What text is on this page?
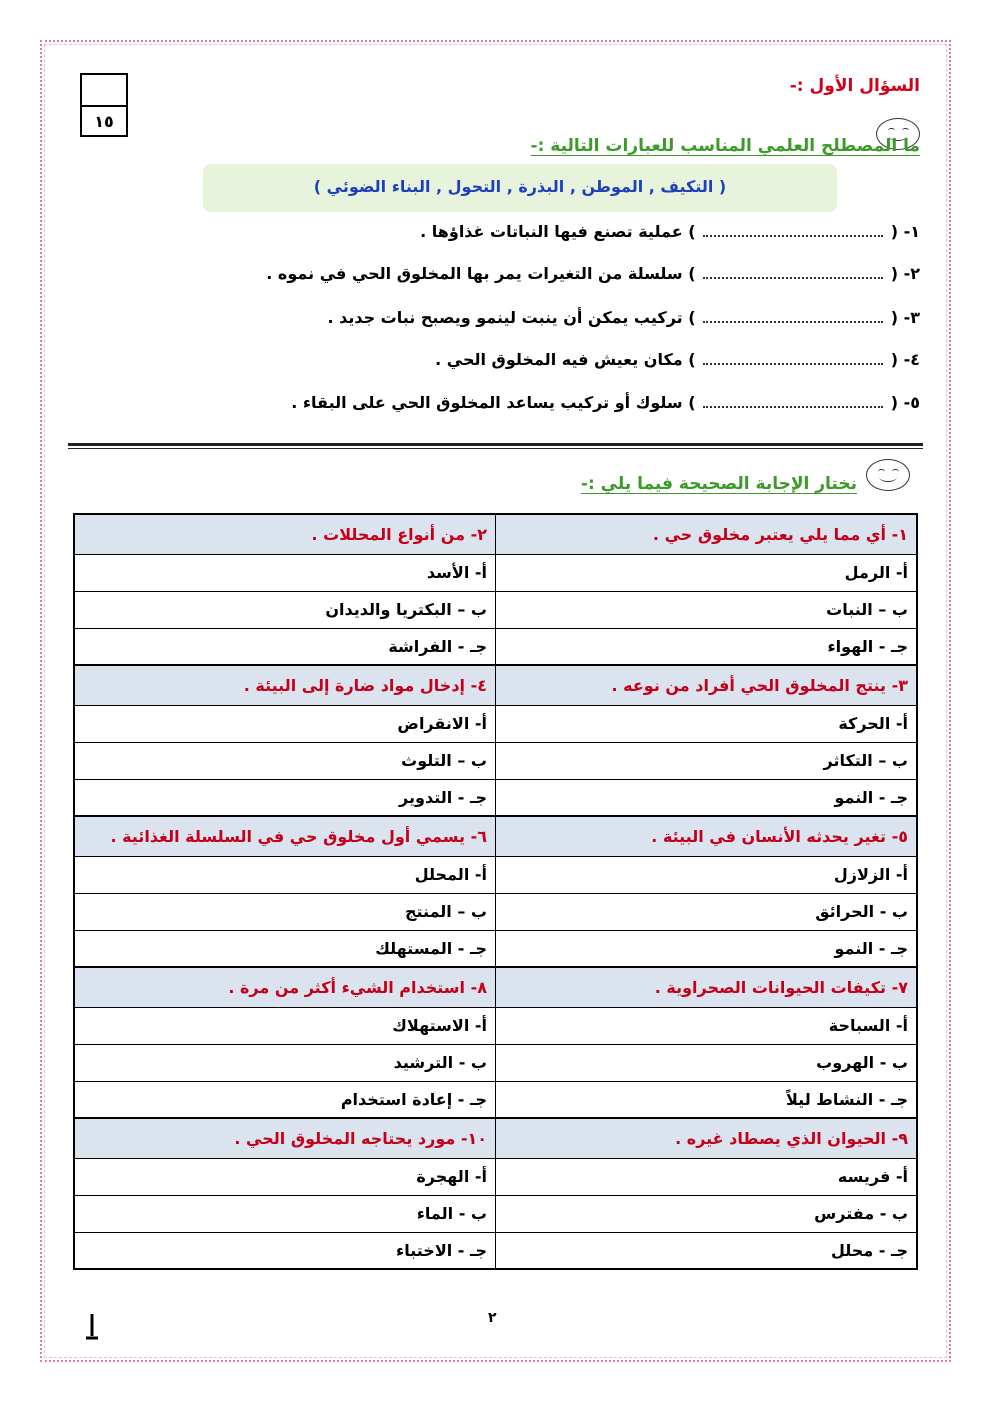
١٥
السؤال الأول :-
ما المصطلح العلمي المناسب للعبارات التالية :-
( التكيف , الموطن , البذرة , التحول , البناء الضوئي )
١- (  ) عملية تصنع فيها النباتات غذاؤها .
٢- (  ) سلسلة من التغيرات يمر بها المخلوق الحي في نموه .
٣- (  ) تركيب يمكن أن ينبت لينمو ويصبح نبات جديد .
٤- (  ) مكان يعيش فيه المخلوق الحي .
٥- (  ) سلوك أو تركيب يساعد المخلوق الحي على البقاء .
نختار الإجابة الصحيحة فيما يلي :-
١- أي مما يلي يعتبر مخلوق حي .	٢- من أنواع المحللات .
أ- الرمل	أ- الأسد
ب – النبات	ب – البكتريا والديدان
جـ - الهواء	جـ - الفراشة
٣- ينتج المخلوق الحي أفراد من نوعه .	٤- إدخال مواد ضارة إلى البيئة .
أ- الحركة	أ- الانقراض
ب – التكاثر	ب – التلوث
جـ - النمو	جـ - التدوير
٥- تغير يحدثه الأنسان في البيئة .	٦- يسمي أول مخلوق حي في السلسلة الغذائية .
أ- الزلازل	أ- المحلل
ب - الحرائق	ب – المنتج
جـ - النمو	جـ - المستهلك
٧- تكيفات الحيوانات الصحراوية .	٨- استخدام الشيء أكثر من مرة .
أ- السباحة	أ- الاستهلاك
ب - الهروب	ب - الترشيد
جـ - النشاط ليلاً	جـ - إعادة استخدام
٩- الحيوان الذي يصطاد غيره .	١٠- مورد يحتاجه المخلوق الحي .
أ- فريسه	أ- الهجرة
ب - مفترس	ب - الماء
جـ - محلل	جـ - الاختباء
٢
